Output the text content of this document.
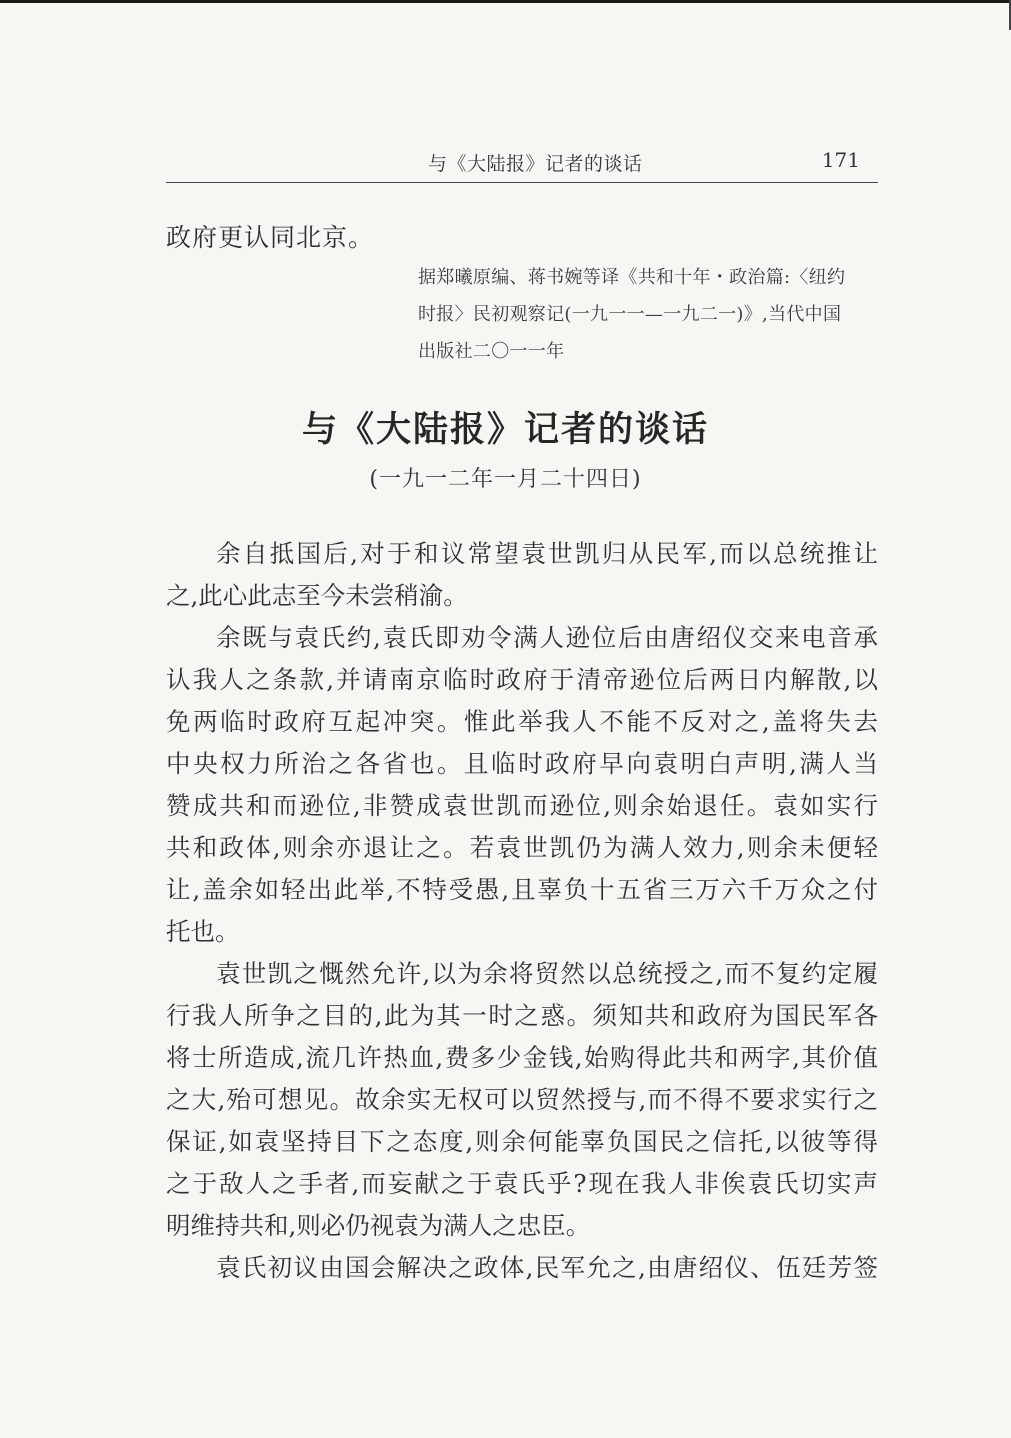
与《大陆报》记者的谈话	171
政府更认同北京。
据郑曦原编、蒋书婉等译《共和十年・政治篇:〈纽约
时报〉民初观察记(一九一一—一九二一)》,当代中国
出版社二〇一一年
与《大陆报》记者的谈话
(一九一二年一月二十四日)
余自抵国后,对于和议常望袁世凯归从民军,而以总统推让
之,此心此志至今未尝稍渝。
余既与袁氏约,袁氏即劝令满人逊位后由唐绍仪交来电音承
认我人之条款,并请南京临时政府于清帝逊位后两日内解散,以
免两临时政府互起冲突。惟此举我人不能不反对之,盖将失去
中央权力所治之各省也。且临时政府早向袁明白声明,满人当
赞成共和而逊位,非赞成袁世凯而逊位,则余始退任。袁如实行
共和政体,则余亦退让之。若袁世凯仍为满人效力,则余未便轻
让,盖余如轻出此举,不特受愚,且辜负十五省三万六千万众之付
托也。
袁世凯之慨然允许,以为余将贸然以总统授之,而不复约定履
行我人所争之目的,此为其一时之惑。须知共和政府为国民军各
将士所造成,流几许热血,费多少金钱,始购得此共和两字,其价值
之大,殆可想见。故余实无权可以贸然授与,而不得不要求实行之
保证,如袁坚持目下之态度,则余何能辜负国民之信托,以彼等得
之于敌人之手者,而妄献之于袁氏乎?现在我人非俟袁氏切实声
明维持共和,则必仍视袁为满人之忠臣。
袁氏初议由国会解决之政体,民军允之,由唐绍仪、伍廷芳签
